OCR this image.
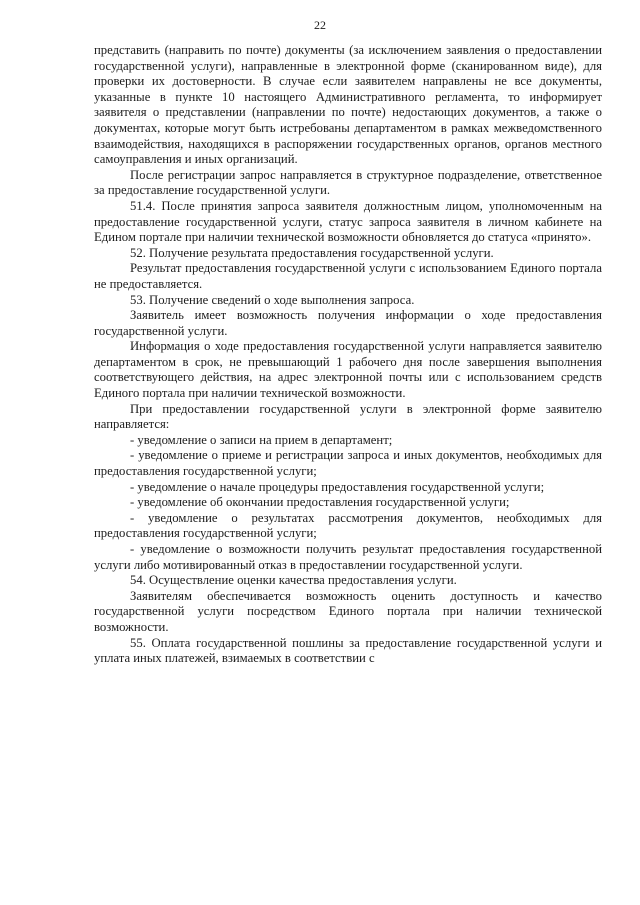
22

представить (направить по почте) документы (за исключением заявления о предоставлении государственной услуги), направленные в электронной форме (сканированном виде), для проверки их достоверности. В случае если заявителем направлены не все документы, указанные в пункте 10 настоящего Административного регламента, то информирует заявителя о представлении (направлении по почте) недостающих документов, а также о документах, которые могут быть истребованы департаментом в рамках межведомственного взаимодействия, находящихся в распоряжении государственных органов, органов местного самоуправления и иных организаций.

После регистрации запрос направляется в структурное подразделение, ответственное за предоставление государственной услуги.

51.4. После принятия запроса заявителя должностным лицом, уполномоченным на предоставление государственной услуги, статус запроса заявителя в личном кабинете на Едином портале при наличии технической возможности обновляется до статуса «принято».

52. Получение результата предоставления государственной услуги.

Результат предоставления государственной услуги с использованием Единого портала не предоставляется.

53. Получение сведений о ходе выполнения запроса.

Заявитель имеет возможность получения информации о ходе предоставления государственной услуги.

Информация о ходе предоставления государственной услуги направляется заявителю департаментом в срок, не превышающий 1 рабочего дня после завершения выполнения соответствующего действия, на адрес электронной почты или с использованием средств Единого портала при наличии технической возможности.

При предоставлении государственной услуги в электронной форме заявителю направляется:

- уведомление о записи на прием в департамент;

- уведомление о приеме и регистрации запроса и иных документов, необходимых для предоставления государственной услуги;

- уведомление о начале процедуры предоставления государственной услуги;

- уведомление об окончании предоставления государственной услуги;

- уведомление о результатах рассмотрения документов, необходимых для предоставления государственной услуги;

- уведомление о возможности получить результат предоставления государственной услуги либо мотивированный отказ в предоставлении государственной услуги.

54. Осуществление оценки качества предоставления услуги.

Заявителям обеспечивается возможность оценить доступность и качество государственной услуги посредством Единого портала при наличии технической возможности.

55. Оплата государственной пошлины за предоставление государственной услуги и уплата иных платежей, взимаемых в соответствии с
